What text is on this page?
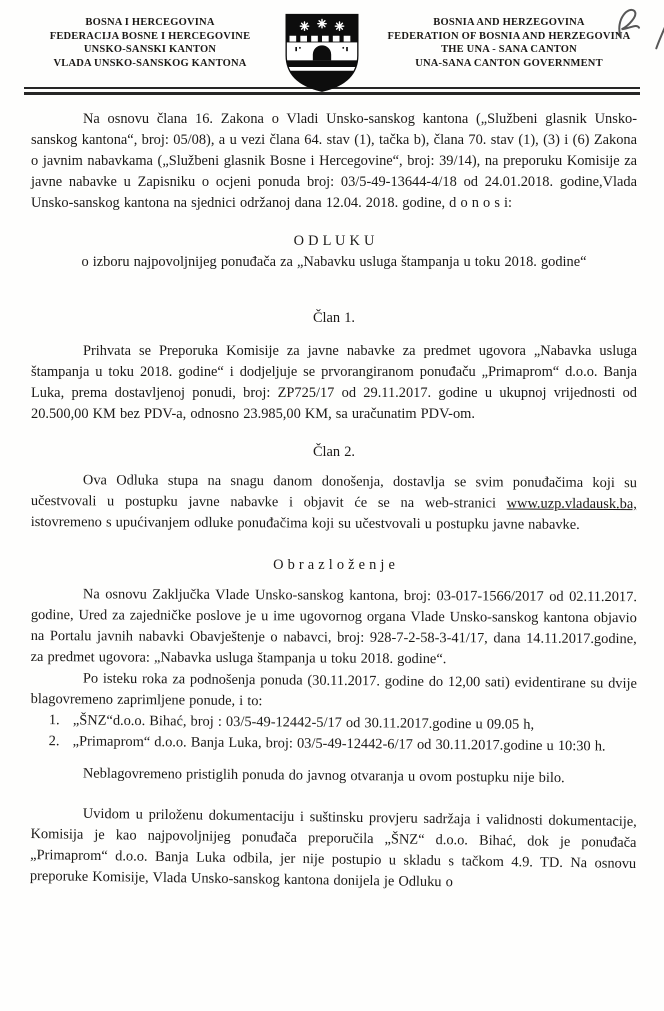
BOSNA I HERCEGOVINA
FEDERACIJA BOSNE I HERCEGOVINE
UNSKO-SANSKI KANTON
VLADA UNSKO-SANSKOG KANTONA
BOSNIA AND HERZEGOVINA
FEDERATION OF BOSNIA AND HERZEGOVINA
THE UNA - SANA CANTON
UNA-SANA CANTON GOVERNMENT

Na osnovu člana 16. Zakona o Vladi Unsko-sanskog kantona („Službeni glasnik Unsko-sanskog kantona“, broj: 05/08), a u vezi člana 64. stav (1), tačka b), člana 70. stav (1), (3) i (6) Zakona o javnim nabavkama („Službeni glasnik Bosne i Hercegovine“, broj: 39/14), na preporuku Komisije za javne nabavke u Zapisniku o ocjeni ponuda broj: 03/5-49-13644-4/18 od 24.01.2018. godine,Vlada Unsko-sanskog kantona na sjednici održanoj dana 12.04. 2018. godine, d o n o s i:

O D L U K U

o izboru najpovoljnijeg ponuđača za „Nabavku usluga štampanja u toku 2018. godine“

Član 1.

Prihvata se Preporuka Komisije za javne nabavke za predmet ugovora „Nabavka usluga štampanja u toku 2018. godine“ i dodjeljuje se prvorangiranom ponuđaču „Primaprom“ d.o.o. Banja Luka, prema dostavljenoj ponudi, broj: ZP725/17 od 29.11.2017. godine u ukupnoj vrijednosti od 20.500,00 KM bez PDV-a, odnosno 23.985,00 KM, sa uračunatim PDV-om.

Član 2.

Ova Odluka stupa na snagu danom donošenja, dostavlja se svim ponuđačima koji su učestvovali u postupku javne nabavke i objavit će se na web-stranici www.uzp.vladausk.ba, istovremeno s upućivanjem odluke ponuđačima koji su učestvovali u postupku javne nabavke.

O b r a z l o ž e n j e

Na osnovu Zaključka Vlade Unsko-sanskog kantona, broj: 03-017-1566/2017 od 02.11.2017. godine, Ured za zajedničke poslove je u ime ugovornog organa Vlade Unsko-sanskog kantona objavio na Portalu javnih nabavki Obavještenje o nabavci, broj: 928-7-2-58-3-41/17, dana 14.11.2017.godine, za predmet ugovora: „Nabavka usluga štampanja u toku 2018. godine“.

Po isteku roka za podnošenja ponuda (30.11.2017. godine do 12,00 sati) evidentirane su dvije blagovremeno zaprimljene ponude, i to:

1. „ŠNZ“d.o.o. Bihać, broj : 03/5-49-12442-5/17 od 30.11.2017.godine u 09.05 h,
2. „Primaprom“ d.o.o. Banja Luka, broj: 03/5-49-12442-6/17 od 30.11.2017.godine u 10:30 h.

Neblagovremeno pristiglih ponuda do javnog otvaranja u ovom postupku nije bilo.

Uvidom u priloženu dokumentaciju i suštinsku provjeru sadržaja i validnosti dokumentacije, Komisija je kao najpovoljnijeg ponuđača preporučila „ŠNZ“ d.o.o. Bihać, dok je ponuđača „Primaprom“ d.o.o. Banja Luka odbila, jer nije postupio u skladu s tačkom 4.9. TD. Na osnovu preporuke Komisije, Vlada Unsko-sanskog kantona donijela je Odluku o
